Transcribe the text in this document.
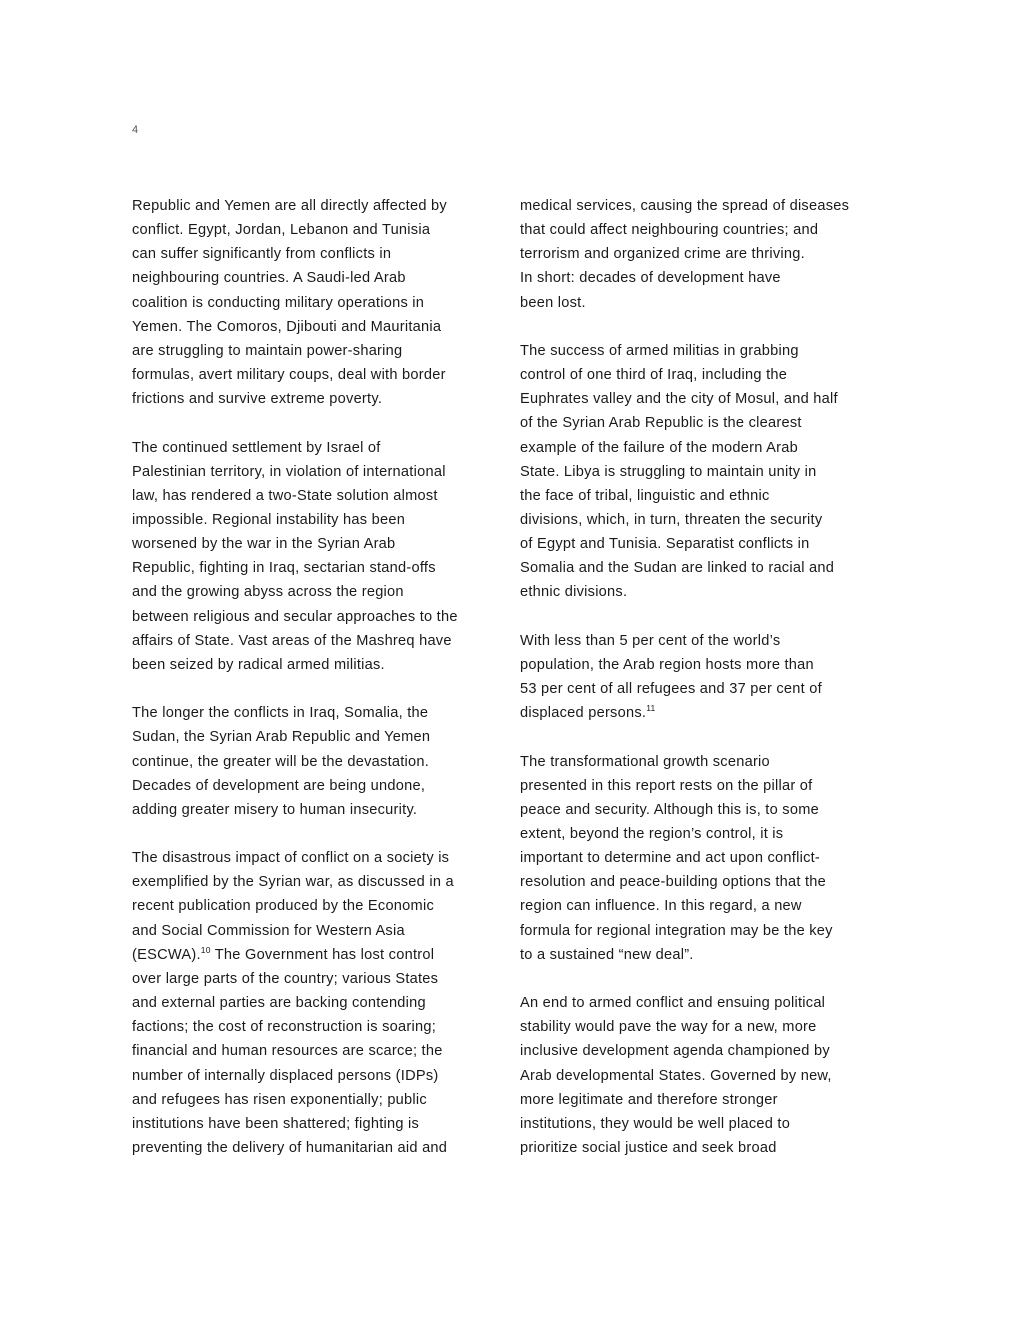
4

Republic and Yemen are all directly affected by
conflict. Egypt, Jordan, Lebanon and Tunisia
can suffer significantly from conflicts in
neighbouring countries. A Saudi-led Arab
coalition is conducting military operations in
Yemen. The Comoros, Djibouti and Mauritania
are struggling to maintain power-sharing
formulas, avert military coups, deal with border
frictions and survive extreme poverty.

The continued settlement by Israel of
Palestinian territory, in violation of international
law, has rendered a two-State solution almost
impossible. Regional instability has been
worsened by the war in the Syrian Arab
Republic, fighting in Iraq, sectarian stand-offs
and the growing abyss across the region
between religious and secular approaches to the
affairs of State. Vast areas of the Mashreq have
been seized by radical armed militias.

The longer the conflicts in Iraq, Somalia, the
Sudan, the Syrian Arab Republic and Yemen
continue, the greater will be the devastation.
Decades of development are being undone,
adding greater misery to human insecurity.

The disastrous impact of conflict on a society is
exemplified by the Syrian war, as discussed in a
recent publication produced by the Economic
and Social Commission for Western Asia
(ESCWA).$^{10}$ The Government has lost control
over large parts of the country; various States
and external parties are backing contending
factions; the cost of reconstruction is soaring;
financial and human resources are scarce; the
number of internally displaced persons (IDPs)
and refugees has risen exponentially; public
institutions have been shattered; fighting is
preventing the delivery of humanitarian aid and

medical services, causing the spread of diseases
that could affect neighbouring countries; and
terrorism and organized crime are thriving.
In short: decades of development have
been lost.

The success of armed militias in grabbing
control of one third of Iraq, including the
Euphrates valley and the city of Mosul, and half
of the Syrian Arab Republic is the clearest
example of the failure of the modern Arab
State. Libya is struggling to maintain unity in
the face of tribal, linguistic and ethnic
divisions, which, in turn, threaten the security
of Egypt and Tunisia. Separatist conflicts in
Somalia and the Sudan are linked to racial and
ethnic divisions.

With less than 5 per cent of the world’s
population, the Arab region hosts more than
53 per cent of all refugees and 37 per cent of
displaced persons.$^{11}$

The transformational growth scenario
presented in this report rests on the pillar of
peace and security. Although this is, to some
extent, beyond the region’s control, it is
important to determine and act upon conflict-
resolution and peace-building options that the
region can influence. In this regard, a new
formula for regional integration may be the key
to a sustained “new deal”.

An end to armed conflict and ensuing political
stability would pave the way for a new, more
inclusive development agenda championed by
Arab developmental States. Governed by new,
more legitimate and therefore stronger
institutions, they would be well placed to
prioritize social justice and seek broad
